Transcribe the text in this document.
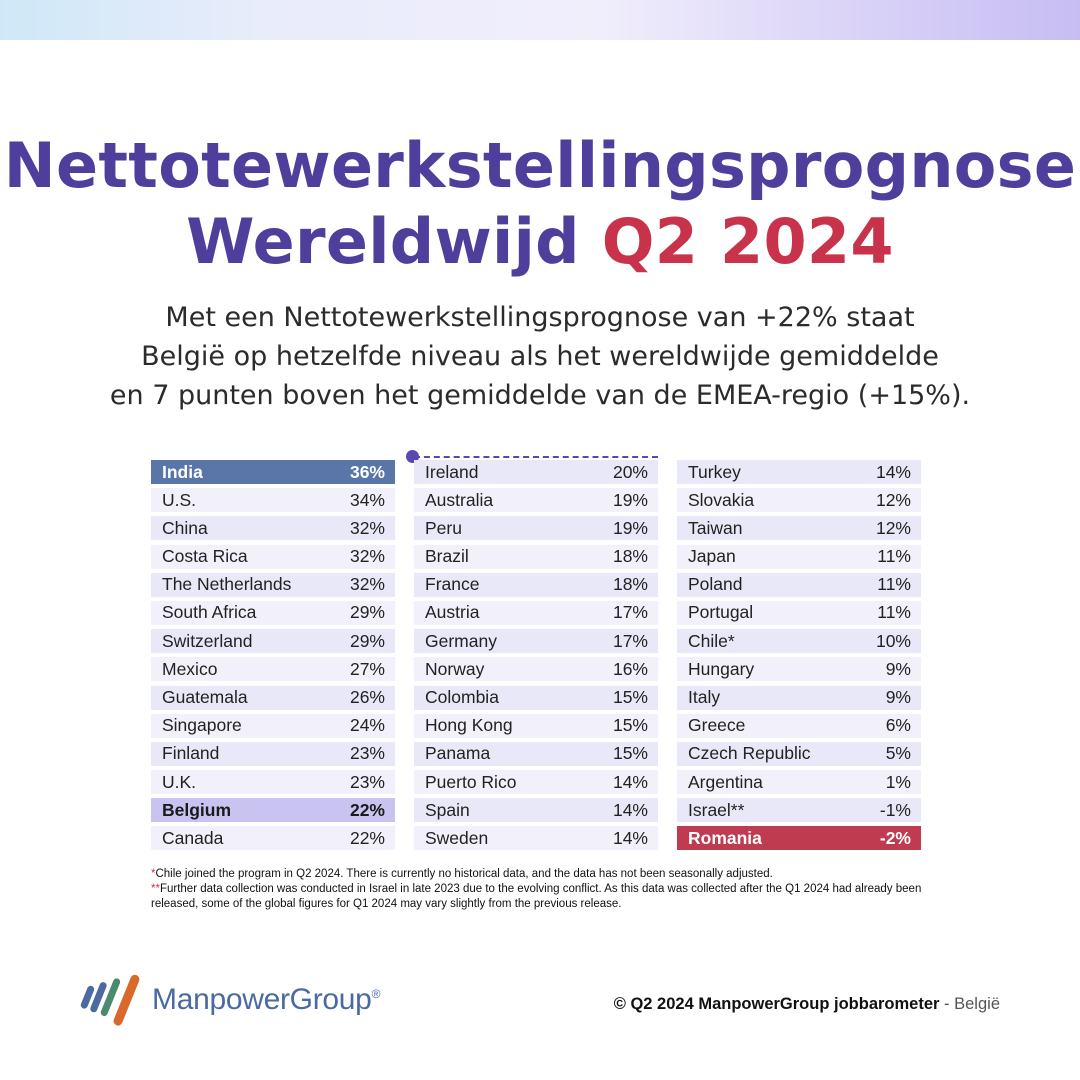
Nettotewerkstellingsprognose
Wereldwijd Q2 2024
Met een Nettotewerkstellingsprognose van +22% staat
België op hetzelfde niveau als het wereldwijde gemiddelde
en 7 punten boven het gemiddelde van de EMEA-regio (+15%).
India	36%
U.S.	34%
China	32%
Costa Rica	32%
The Netherlands	32%
South Africa	29%
Switzerland	29%
Mexico	27%
Guatemala	26%
Singapore	24%
Finland	23%
U.K.	23%
Belgium	22%
Canada	22%
Ireland	20%
Australia	19%
Peru	19%
Brazil	18%
France	18%
Austria	17%
Germany	17%
Norway	16%
Colombia	15%
Hong Kong	15%
Panama	15%
Puerto Rico	14%
Spain	14%
Sweden	14%
Turkey	14%
Slovakia	12%
Taiwan	12%
Japan	11%
Poland	11%
Portugal	11%
Chile*	10%
Hungary	9%
Italy	9%
Greece	6%
Czech Republic	5%
Argentina	1%
Israel**	-1%
Romania	-2%
*Chile joined the program in Q2 2024. There is currently no historical data, and the data has not been seasonally adjusted.
**Further data collection was conducted in Israel in late 2023 due to the evolving conflict. As this data was collected after the Q1 2024 had already been released, some of the global figures for Q1 2024 may vary slightly from the previous release.
ManpowerGroup®
© Q2 2024 ManpowerGroup jobbarometer - België
